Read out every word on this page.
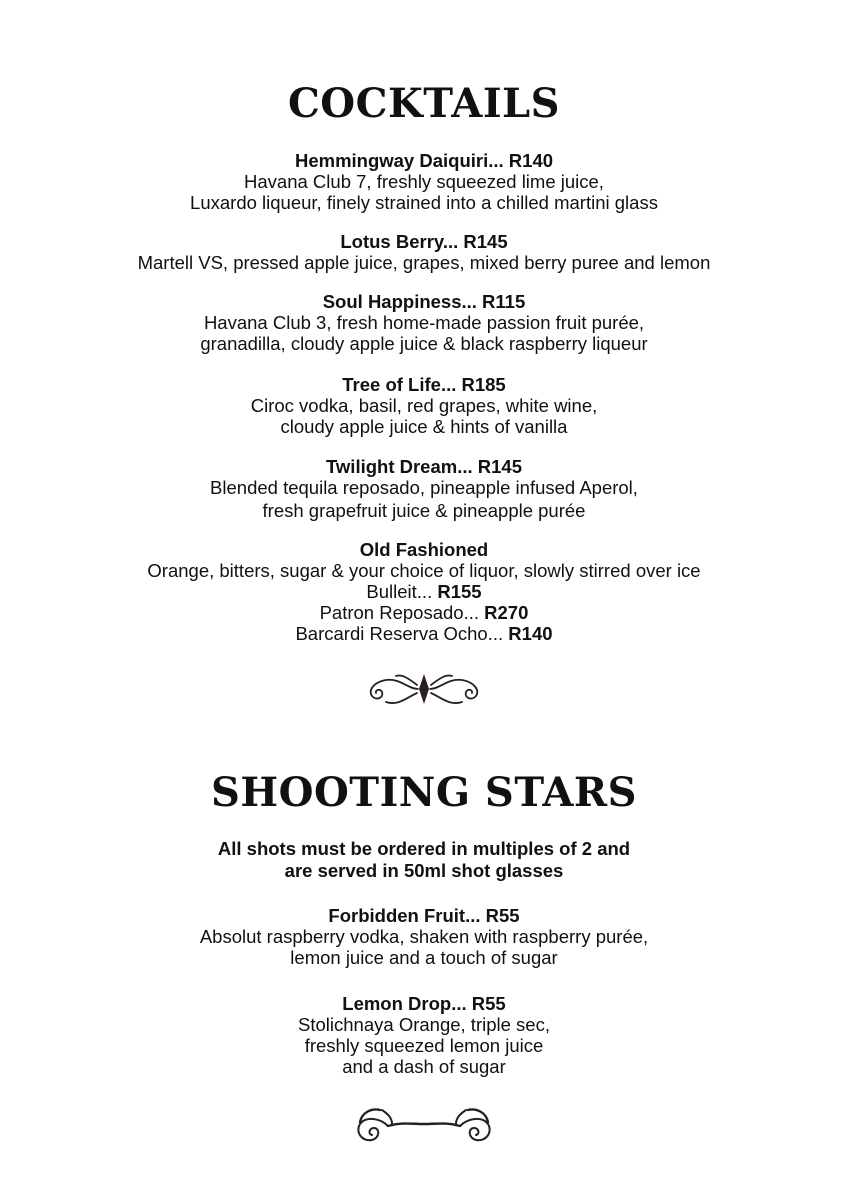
COCKTAILS
Hemmingway Daiquiri... R140
Havana Club 7, freshly squeezed lime juice,
Luxardo liqueur, finely strained into a chilled martini glass
Lotus Berry... R145
Martell VS, pressed apple juice, grapes, mixed berry puree and lemon
Soul Happiness... R115
Havana Club 3, fresh home-made passion fruit purée,
granadilla, cloudy apple juice & black raspberry liqueur
Tree of Life... R185
Ciroc vodka, basil, red grapes, white wine,
cloudy apple juice & hints of vanilla
Twilight Dream... R145
Blended tequila reposado, pineapple infused Aperol,
fresh grapefruit juice & pineapple purée
Old Fashioned
Orange, bitters, sugar & your choice of liquor, slowly stirred over ice
Bulleit... R155
Patron Reposado... R270
Barcardi Reserva Ocho... R140
SHOOTING STARS
All shots must be ordered in multiples of 2 and
are served in 50ml shot glasses
Forbidden Fruit... R55
Absolut raspberry vodka, shaken with raspberry purée,
lemon juice and a touch of sugar
Lemon Drop... R55
Stolichnaya Orange, triple sec,
freshly squeezed lemon juice
and a dash of sugar
